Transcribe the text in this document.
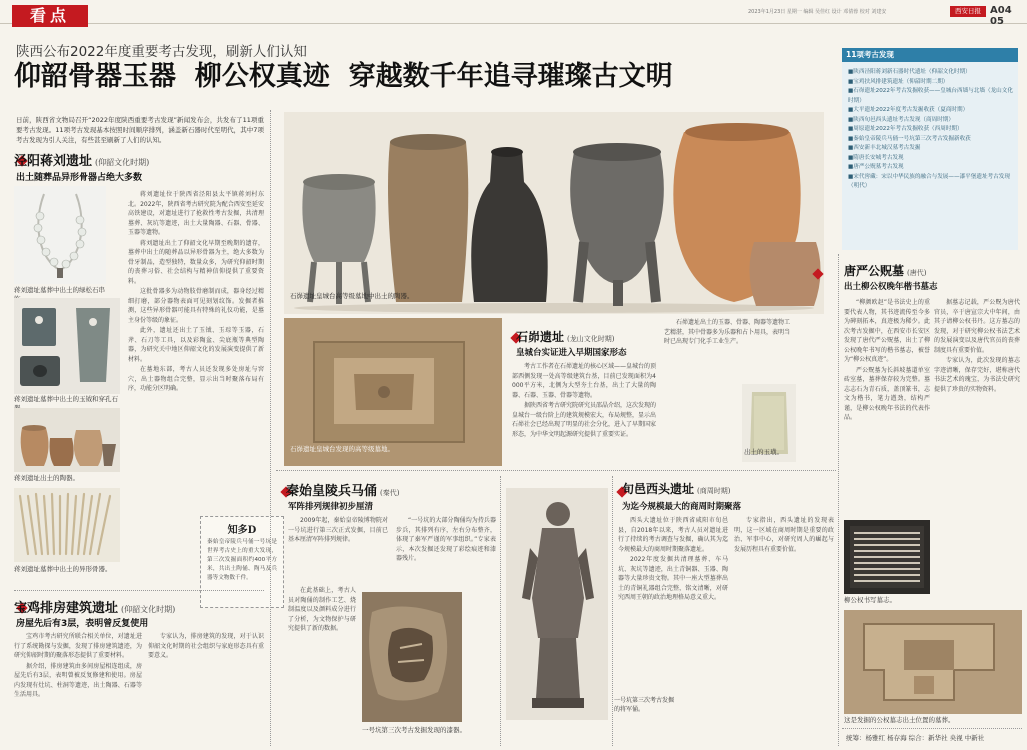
看点	2023年1月23日 星期一 编辑 吴佳红 设计 邓倩蓉 校对 刘建安	西安日报 A04 05
陕西公布2022年度重要考古发现，刷新人们认知
仰韶骨器玉器  柳公权真迹  穿越数千年追寻璀璨古文明
日前，陕西省文物局召开“2022年度陕西重要考古发现”新闻发布会，共发布了11项重要考古发现。11项考古发现基本按照时间顺序排列，涵盖新石器时代至明代，其中7项考古发现为引人关注，有些甚至刷新了人们的认知。
11项考古发现
■陕西泾阳蒋刘新石器时代遗址（仰韶文化时期）
■宝鸡扶风排建筑遗址（仰韶时期二期）
■石峁遗址2022年考古发掘收获——皇城台西墙与北墙（龙山文化时期）
■大平遗址2022年度考古发掘收获（夏商时期）
■陕西旬邑西头遗址考古发现（商周时期）
■周原遗址2022年考古发掘收获（西周时期）
■秦始皇帝陵兵马俑一号坑第三次考古发掘新收获
■西安新丰北城汉墓考古发掘
■隋唐长安城考古发现
■唐严公贶墓考古发现
■宋代窖藏：宋以中华民族的融合与发展——漆平堡遗址考古发现（明代）
泾阳蒋刘遗址 (仰韶文化时期)
出土随葬品异形骨器占绝大多数
蒋刘遗址墓葬中出土的绿松石串
蒋刘遗址墓葬中出土的玉钺和穿孔石
蒋刘遗址出土的陶器。
蒋刘遗址墓葬中出土的异形骨器。
蒋刘遗址位于陕西省泾阳县太平镇蒋刘村东北。2022年，陕西省考古研究院为配合西安至延安高铁建设，对遗址进行了抢救性考古发掘，共清理墓葬、灰坑等遗迹，出土大量陶器、石器、骨器、玉器等遗物。
蒋刘遗址出土了仰韶文化早期至晚期的遗存，墓葬中出土的随葬品以异形骨器为主，绝大多数为骨牙制品，造型独特，数量众多，为研究仰韶时期的丧葬习俗、社会结构与精神信仰提供了重要资料。
这批骨器多为动物肢骨磨制而成，器身经过精细打磨，部分器物表面可见刻划纹饰。发掘者推测，这些异形骨器可能具有特殊的礼仪功能，是墓主身份等级的象征。
此外，遗址还出土了玉钺、玉琮等玉器，石斧、石刀等工具，以及彩陶盆、尖底瓶等典型陶器，为研究关中地区仰韶文化的发展演变提供了新材料。
在墓地东部，考古人员还发现多处房址与窖穴，出土器物组合完整，显示出当时聚落布局有序，功能分区明确。
知多D
秦始皇帝陵兵马俑一号坑是世界考古史上的重大发现，第三次发掘面积约400平方米，共出土陶俑、陶马及兵器等文物数千件。
宝鸡排房建筑遗址 (仰韶文化时期)
房屋先后有3层，表明曾反复使用
宝鸡市考古研究所联合相关单位，对遗址进行了系统勘探与发掘，发现了排房建筑遗迹，为研究仰韶时期的聚落形态提供了重要材料。
据介绍，排房建筑由多间房屋相连组成，房屋先后有3层，表明曾被反复修建和使用。房屋内发现有灶坑、柱洞等遗迹，出土陶器、石器等生活用具。
专家认为，排房建筑的发现，对于认识仰韶文化时期的社会组织与家庭形态具有重要意义。
石峁遗址皇城台高等级墓地中出土的陶器。
石峁遗址皇城台发现的高等级墓地。
石峁遗址 (龙山文化时期)
皇城台实证进入早期国家形态
考古工作者在石峁遗址的核心区域——皇城台的顶部西侧发现一处高等级建筑台基，目前已发现面积为4000平方米，北侧为大型夯土台基，出土了大量的陶器、石器、玉器、骨器等遗物。
据陕西省考古研究院研究员邵晶介绍，这次发现的皇城台一级台阶上的建筑规模宏大，布局规整，显示出石峁社会已经出现了明显的社会分化，进入了早期国家形态，为中华文明起源研究提供了重要实证。
石峁遗址出土的玉器、骨器、陶器等遗物工艺精湛，其中骨器多为乐器和占卜用具，表明当时已出现专门化手工业生产。
出土的玉璜。
秦始皇陵兵马俑 (秦代)
军阵排列规律初步厘清
2009年起，秦始皇帝陵博物院对一号坑进行第三次正式发掘，目前已基本厘清军阵排列规律。
“一号坑的大部分陶俑均为持兵器步兵，其排列有序，左右分布整齐，体现了秦军严谨的军事组织。”专家表示，本次发掘还发现了彩绘痕迹和漆器残片。
在此基础上，考古人员对陶俑的制作工艺、烧制温度以及颜料成分进行了分析，为文物保护与研究提供了新的数据。
一号坑第三次考古发掘发现的漆器。
一号坑第三次考古发掘的将军俑。
旬邑西头遗址 (商周时期)
为迄今规模最大的商周时期聚落
西头大遗址位于陕西省咸阳市旬邑县，自2018年以来，考古人员对遗址进行了持续的考古调查与发掘，确认其为迄今规模最大的商周时期聚落遗址。
2022年度发掘共清理墓葬、车马坑、灰坑等遗迹，出土青铜器、玉器、陶器等大量珍贵文物。其中一座大型墓葬出土的青铜礼器组合完整，铭文清晰，对研究西周王朝的政治地理格局意义重大。
专家指出，西头遗址的发现表明，这一区域在商周时期是重要的政治、军事中心，对研究周人的崛起与发展历程具有重要价值。
唐严公贶墓 (唐代)
出土柳公权晚年楷书墓志
“柳颜欧赵”是书法史上的重要代表人物，其书迹流传至今多为碑刻拓本，真迹极为稀少。此次考古发掘中，在西安市长安区发现了唐代严公贶墓，出土了柳公权晚年书写的楷书墓志，被誉为“柳公权真迹”。
严公贶墓为长斜坡墓道单室砖室墓，墓葬保存较为完整。墓志志石为青石质，盖顶篆书，志文为楷书，笔力遒劲，结构严谨，是柳公权晚年书法的代表作品。
据墓志记载，严公贶为唐代官员，卒于唐宣宗大中年间，由其子请柳公权书丹。这方墓志的发现，对于研究柳公权书法艺术的发展演变以及唐代官员的丧葬制度具有重要价值。
专家认为，此次发现的墓志字迹清晰，保存完好，堪称唐代书法艺术的瑰宝，为书法史研究提供了珍贵的实物资料。
柳公权书写墓志。
这是发掘的公权墓志出土位置的墓葬。
统筹：杨雅红 杨存海 综合：新华社 央视 中新社
